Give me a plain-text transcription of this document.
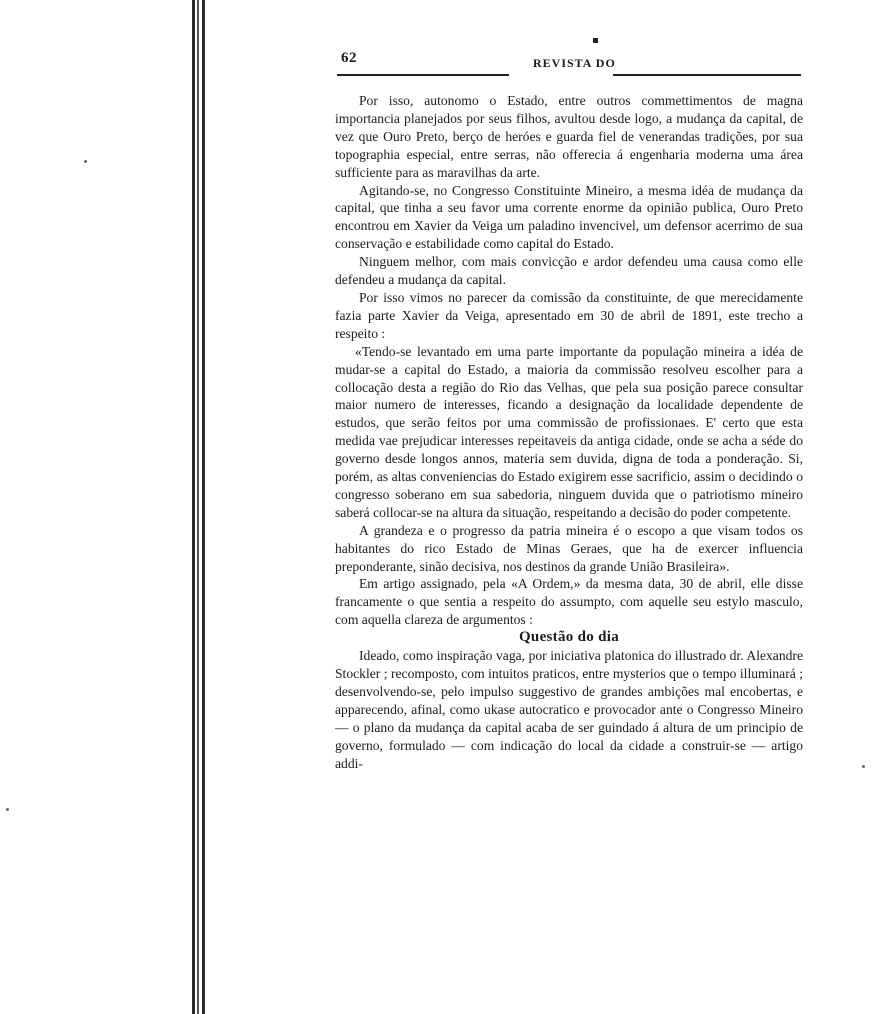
62	REVISTA DO

Por isso, autonomo o Estado, entre outros commettimentos de magna importancia planejados por seus filhos, avultou desde logo, a mudança da capital, de vez que Ouro Preto, berço de heróes e guarda fiel de venerandas tradições, por sua topographia especial, entre serras, não offerecia á engenharia moderna uma área sufficiente para as maravilhas da arte.

Agitando-se, no Congresso Constituinte Mineiro, a mesma idéa de mudança da capital, que tinha a seu favor uma corrente enorme da opinião publica, Ouro Preto encontrou em Xavier da Veiga um paladino invencivel, um defensor acerrimo de sua conservação e estabilidade como capital do Estado.

Ninguem melhor, com mais convicção e ardor defendeu uma causa como elle defendeu a mudança da capital.

Por isso vimos no parecer da comissão da constituinte, de que merecidamente fazia parte Xavier da Veiga, apresentado em 30 de abril de 1891, este trecho a respeito :

«Tendo-se levantado em uma parte importante da população mineira a idéa de mudar-se a capital do Estado, a maioria da commissão resolveu escolher para a collocação desta a região do Rio das Velhas, que pela sua posição parece consultar maior numero de interesses, ficando a designação da localidade dependente de estudos, que serão feitos por uma commissão de profissionaes. E' certo que esta medida vae prejudicar interesses repeitaveis da antiga cidade, onde se acha a séde do governo desde longos annos, materia sem duvida, digna de toda a ponderação. Si, porém, as altas conveniencias do Estado exigirem esse sacrificio, assim o decidindo o congresso soberano em sua sabedoria, ninguem duvida que o patriotismo mineiro saberá collocar-se na altura da situação, respeitando a decisão do poder competente.

A grandeza e o progresso da patria mineira é o escopo a que visam todos os habitantes do rico Estado de Minas Geraes, que ha de exercer influencia preponderante, sinão decisiva, nos destinos da grande União Brasileira».

Em artigo assignado, pela «A Ordem,» da mesma data, 30 de abril, elle disse francamente o que sentia a respeito do assumpto, com aquelle seu estylo masculo, com aquella clareza de argumentos :

Questão do dia

Ideado, como inspiração vaga, por iniciativa platonica do illustrado dr. Alexandre Stockler ; recomposto, com intuitos praticos, entre mysterios que o tempo illuminará ; desenvolvendo-se, pelo impulso suggestivo de grandes ambições mal encobertas, e apparecendo, afinal, como ukase autocratico e provocador ante o Congresso Mineiro — o plano da mudança da capital acaba de ser guindado á altura de um principio de governo, formulado — com indicação do local da cidade a construir-se — artigo addi-
